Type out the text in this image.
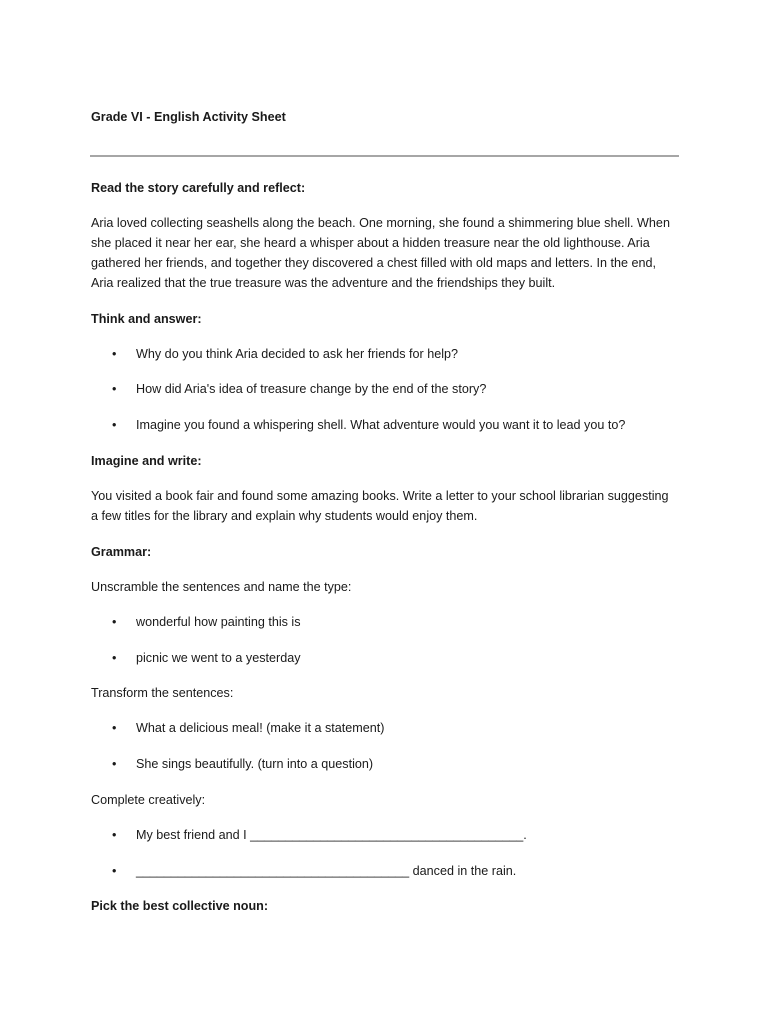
Grade VI - English Activity Sheet
Read the story carefully and reflect:
Aria loved collecting seashells along the beach. One morning, she found a shimmering blue shell. When
she placed it near her ear, she heard a whisper about a hidden treasure near the old lighthouse. Aria
gathered her friends, and together they discovered a chest filled with old maps and letters. In the end,
Aria realized that the true treasure was the adventure and the friendships they built.
Think and answer:
• Why do you think Aria decided to ask her friends for help?
• How did Aria's idea of treasure change by the end of the story?
• Imagine you found a whispering shell. What adventure would you want it to lead you to?
Imagine and write:
You visited a book fair and found some amazing books. Write a letter to your school librarian suggesting
a few titles for the library and explain why students would enjoy them.
Grammar:
Unscramble the sentences and name the type:
• wonderful how painting this is
• picnic we went to a yesterday
Transform the sentences:
• What a delicious meal! (make it a statement)
• She sings beautifully. (turn into a question)
Complete creatively:
• My best friend and I _______________________________________.
• _______________________________________ danced in the rain.
Pick the best collective noun:
